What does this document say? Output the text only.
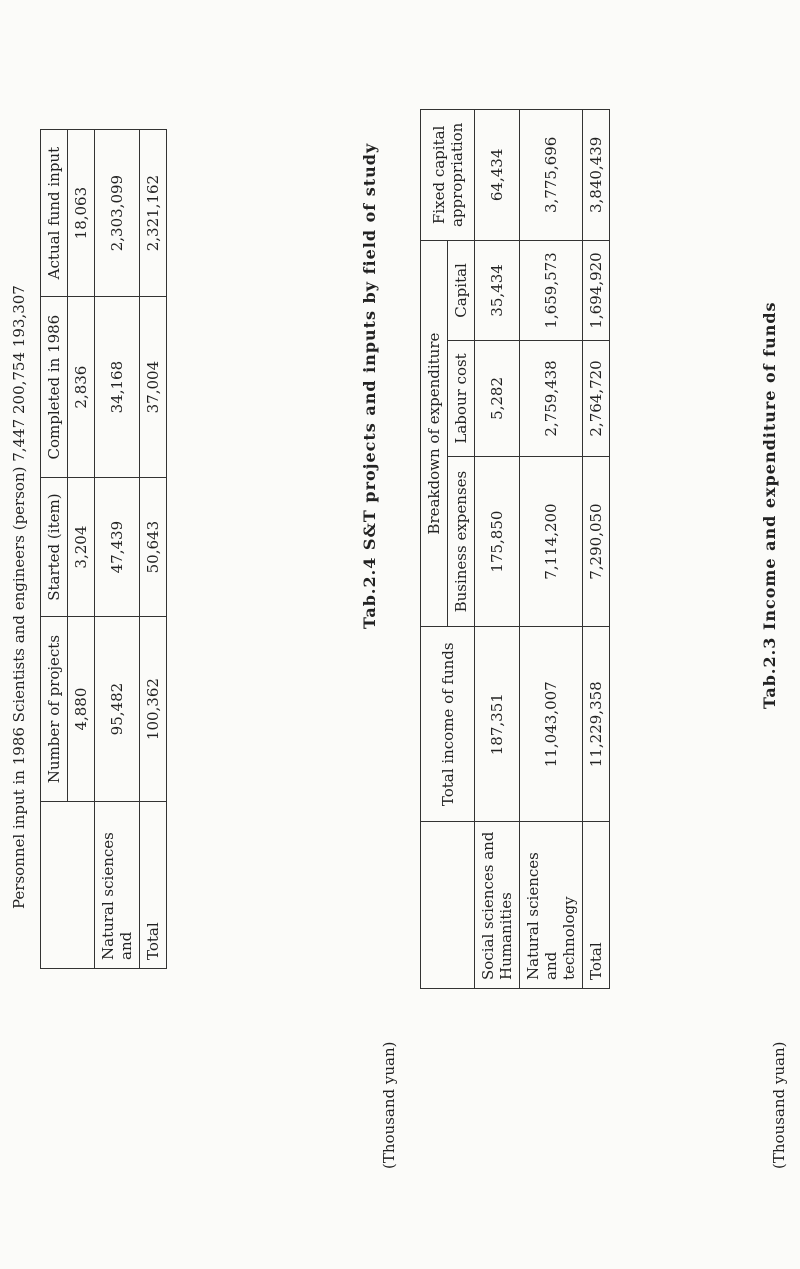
Tab.2.4 S&T projects and inputs by field of study
	Number of projects	Started (item)	Completed in 1986	Actual fund input
	4,880	3,204	2,836	18,063
Natural sciences and	95,482	47,439	34,168	2,303,099
Total	100,362	50,643	37,004	2,321,162
Personnel input in 1986 Scientists and engineers (person) 7,447 200,754 193,307	Tab.2.3 Income and expenditure of funds
	Total income of funds	Breakdown of expenditure			Fixed capital
appropriation
		Business expenses	Labour cost	Capital	
Social sciences and
Humanities	187,351	175,850	5,282	35,434	64,434
Natural sciences and
technology	11,043,007	7,114,200	2,759,438	1,659,573	3,775,696
Total	11,229,358	7,290,050	2,764,720	1,694,920	3,840,439
(Thousand yuan)	(Thousand yuan)
